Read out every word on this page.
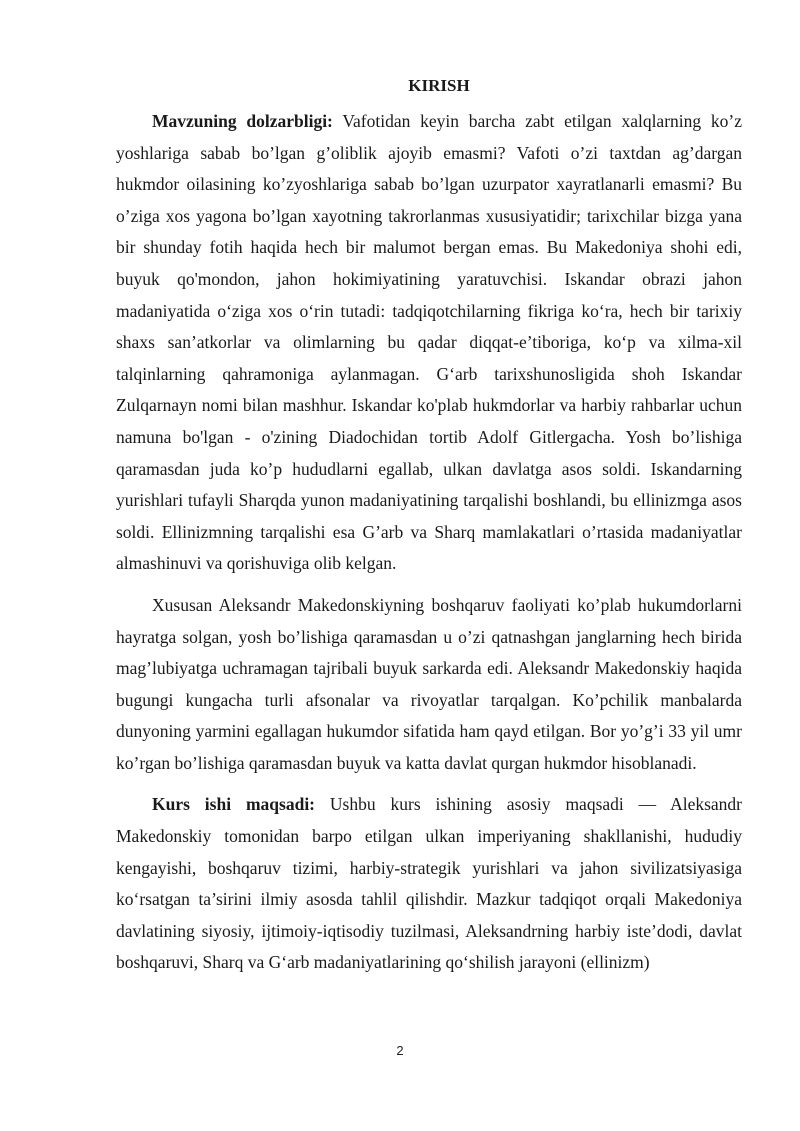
KIRISH

Mavzuning dolzarbligi: Vafotidan keyin barcha zabt etilgan xalqlarning ko’z yoshlariga sabab bo’lgan g’oliblik ajoyib emasmi? Vafoti o’zi taxtdan ag’dargan hukmdor oilasining ko’zyoshlariga sabab bo’lgan uzurpator xayratlanarli emasmi? Bu o’ziga xos yagona bo’lgan xayotning takrorlanmas xususiyatidir; tarixchilar bizga yana bir shunday fotih haqida hech bir malumot bergan emas. Bu Makedoniya shohi edi, buyuk qo'mondon, jahon hokimiyatining yaratuvchisi. Iskandar obrazi jahon madaniyatida o‘ziga xos o‘rin tutadi: tadqiqotchilarning fikriga ko‘ra, hech bir tarixiy shaxs san’atkorlar va olimlarning bu qadar diqqat-e’tiboriga, ko‘p va xilma-xil talqinlarning qahramoniga aylanmagan. G‘arb tarixshunosligida shoh Iskandar Zulqarnayn nomi bilan mashhur. Iskandar ko'plab hukmdorlar va harbiy rahbarlar uchun namuna bo'lgan - o'zining Diadochidan tortib Adolf Gitlergacha. Yosh bo’lishiga qaramasdan juda ko’p hududlarni egallab, ulkan davlatga asos soldi. Iskandarning yurishlari tufayli Sharqda yunon madaniyatining tarqalishi boshlandi, bu ellinizmga asos soldi. Ellinizmning tarqalishi esa G’arb va Sharq mamlakatlari o’rtasida madaniyatlar almashinuvi va qorishuviga olib kelgan.

Xususan Aleksandr Makedonskiyning boshqaruv faoliyati ko’plab hukumdorlarni hayratga solgan, yosh bo’lishiga qaramasdan u o’zi qatnashgan janglarning hech birida mag’lubiyatga uchramagan tajribali buyuk sarkarda edi. Aleksandr Makedonskiy haqida bugungi kungacha turli afsonalar va rivoyatlar tarqalgan. Ko’pchilik manbalarda dunyoning yarmini egallagan hukumdor sifatida ham qayd etilgan. Bor yo’g’i 33 yil umr ko’rgan bo’lishiga qaramasdan buyuk va katta davlat qurgan hukmdor hisoblanadi.

Kurs ishi maqsadi: Ushbu kurs ishining asosiy maqsadi — Aleksandr Makedonskiy tomonidan barpo etilgan ulkan imperiyaning shakllanishi, hududiy kengayishi, boshqaruv tizimi, harbiy-strategik yurishlari va jahon sivilizatsiyasiga ko‘rsatgan ta’sirini ilmiy asosda tahlil qilishdir. Mazkur tadqiqot orqali Makedoniya davlatining siyosiy, ijtimoiy-iqtisodiy tuzilmasi, Aleksandrning harbiy iste’dodi, davlat boshqaruvi, Sharq va G‘arb madaniyatlarining qo‘shilish jarayoni (ellinizm)

2
